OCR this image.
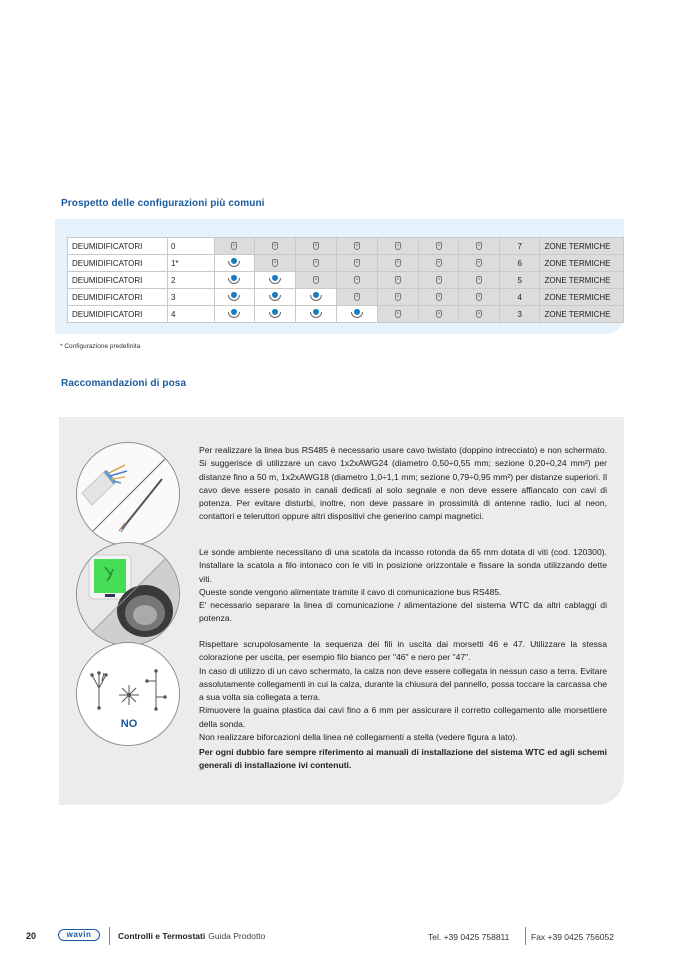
Prospetto delle configurazioni più comuni
DEUMIDIFICATORI	0								7	ZONE TERMICHE
DEUMIDIFICATORI	1*								6	ZONE TERMICHE
DEUMIDIFICATORI	2								5	ZONE TERMICHE
DEUMIDIFICATORI	3								4	ZONE TERMICHE
DEUMIDIFICATORI	4								3	ZONE TERMICHE
* Configurazione predefinita
Raccomandazioni di posa
NO

Per realizzare la linea bus RS485 è necessario usare cavo twistato (doppino intrecciato) e non schermato. Si suggerisce di utilizzare un cavo 1x2xAWG24 (diametro 0,50÷0,55 mm; sezione 0,20÷0,24 mm²) per distanze fino a 50 m, 1x2xAWG18 (diametro 1,0÷1,1 mm; sezione 0,79÷0,95 mm²) per distanze superiori. Il cavo deve essere posato in canali dedicati al solo segnale e non deve essere affiancato con cavi di potenza. Per evitare disturbi, inoltre, non deve passare in prossimità di antenne radio, luci al neon, contattori e teleruttori oppure altri dispositivi che generino campi magnetici.

Le sonde ambiente necessitano di una scatola da incasso rotonda da 65 mm dotata di viti (cod. 120300). Installare la scatola a filo intonaco con le viti in posizione orizzontale e fissare la sonda utilizzando dette viti.

Queste sonde vengono alimentate tramite il cavo di comunicazione bus RS485.

E' necessario separare la linea di comunicazione / alimentazione del sistema WTC da altri cablaggi di potenza.

Rispettare scrupolosamente la sequenza dei fili in uscita dai morsetti 46 e 47. Utilizzare la stessa colorazione per uscita, per esempio filo bianco per "46" e nero per "47".

In caso di utilizzo di un cavo schermato, la calza non deve essere collegata in nessun caso a terra. Evitare assolutamente collegamenti in cui la calza, durante la chiusura del pannello, possa toccare la carcassa che a sua volta sia collegata a terra.

Rimuovere la guaina plastica dai cavi fino a 6 mm per assicurare il corretto collegamento alle morsettiere della sonda.

Non realizzare biforcazioni della linea né collegamenti a stella (vedere figura a lato).

Per ogni dubbio fare sempre riferimento ai manuali di installazione del sistema WTC ed agli schemi generali di installazione ivi contenuti.

20	wavin	Controlli e Termostati Guida Prodotto	Tel. +39 0425 758811	Fax +39 0425 756052
